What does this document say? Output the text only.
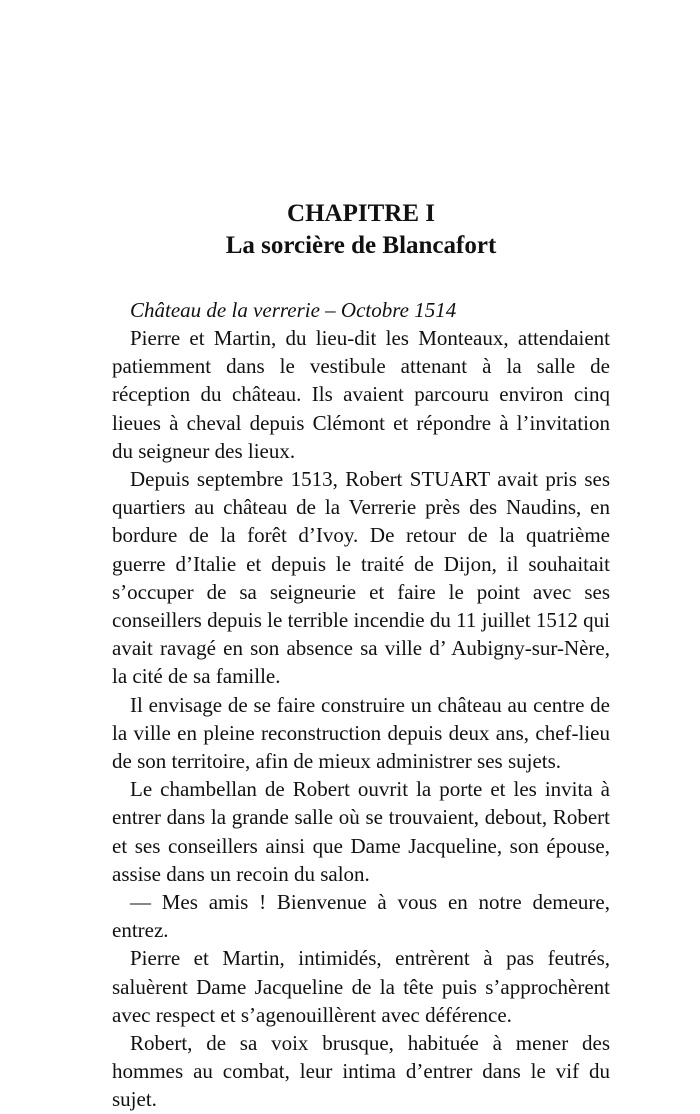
CHAPITRE I
La sorcière de Blancafort

Château de la verrerie – Octobre 1514

Pierre et Martin, du lieu-dit les Monteaux, attendaient patiemment dans le vestibule attenant à la salle de réception du château. Ils avaient parcouru environ cinq lieues à cheval depuis Clémont et répondre à l’invitation du seigneur des lieux.

Depuis septembre 1513, Robert STUART avait pris ses quartiers au château de la Verrerie près des Naudins, en bordure de la forêt d’Ivoy. De retour de la quatrième guerre d’Italie et depuis le traité de Dijon, il souhaitait s’occuper de sa seigneurie et faire le point avec ses conseillers depuis le terrible incendie du 11 juillet 1512 qui avait ravagé en son absence sa ville d’ Aubigny-sur-Nère, la cité de sa famille.

Il envisage de se faire construire un château au centre de la ville en pleine reconstruction depuis deux ans, chef-lieu de son territoire, afin de mieux administrer ses sujets.

Le chambellan de Robert ouvrit la porte et les invita à entrer dans la grande salle où se trouvaient, debout, Robert et ses conseillers ainsi que Dame Jacqueline, son épouse, assise dans un recoin du salon.

— Mes amis ! Bienvenue à vous en notre demeure, entrez.

Pierre et Martin, intimidés, entrèrent à pas feutrés, saluèrent Dame Jacqueline de la tête puis s’approchèrent avec respect et s’agenouillèrent avec déférence.

Robert, de sa voix brusque, habituée à mener des hommes au combat, leur intima d’entrer dans le vif du sujet.
